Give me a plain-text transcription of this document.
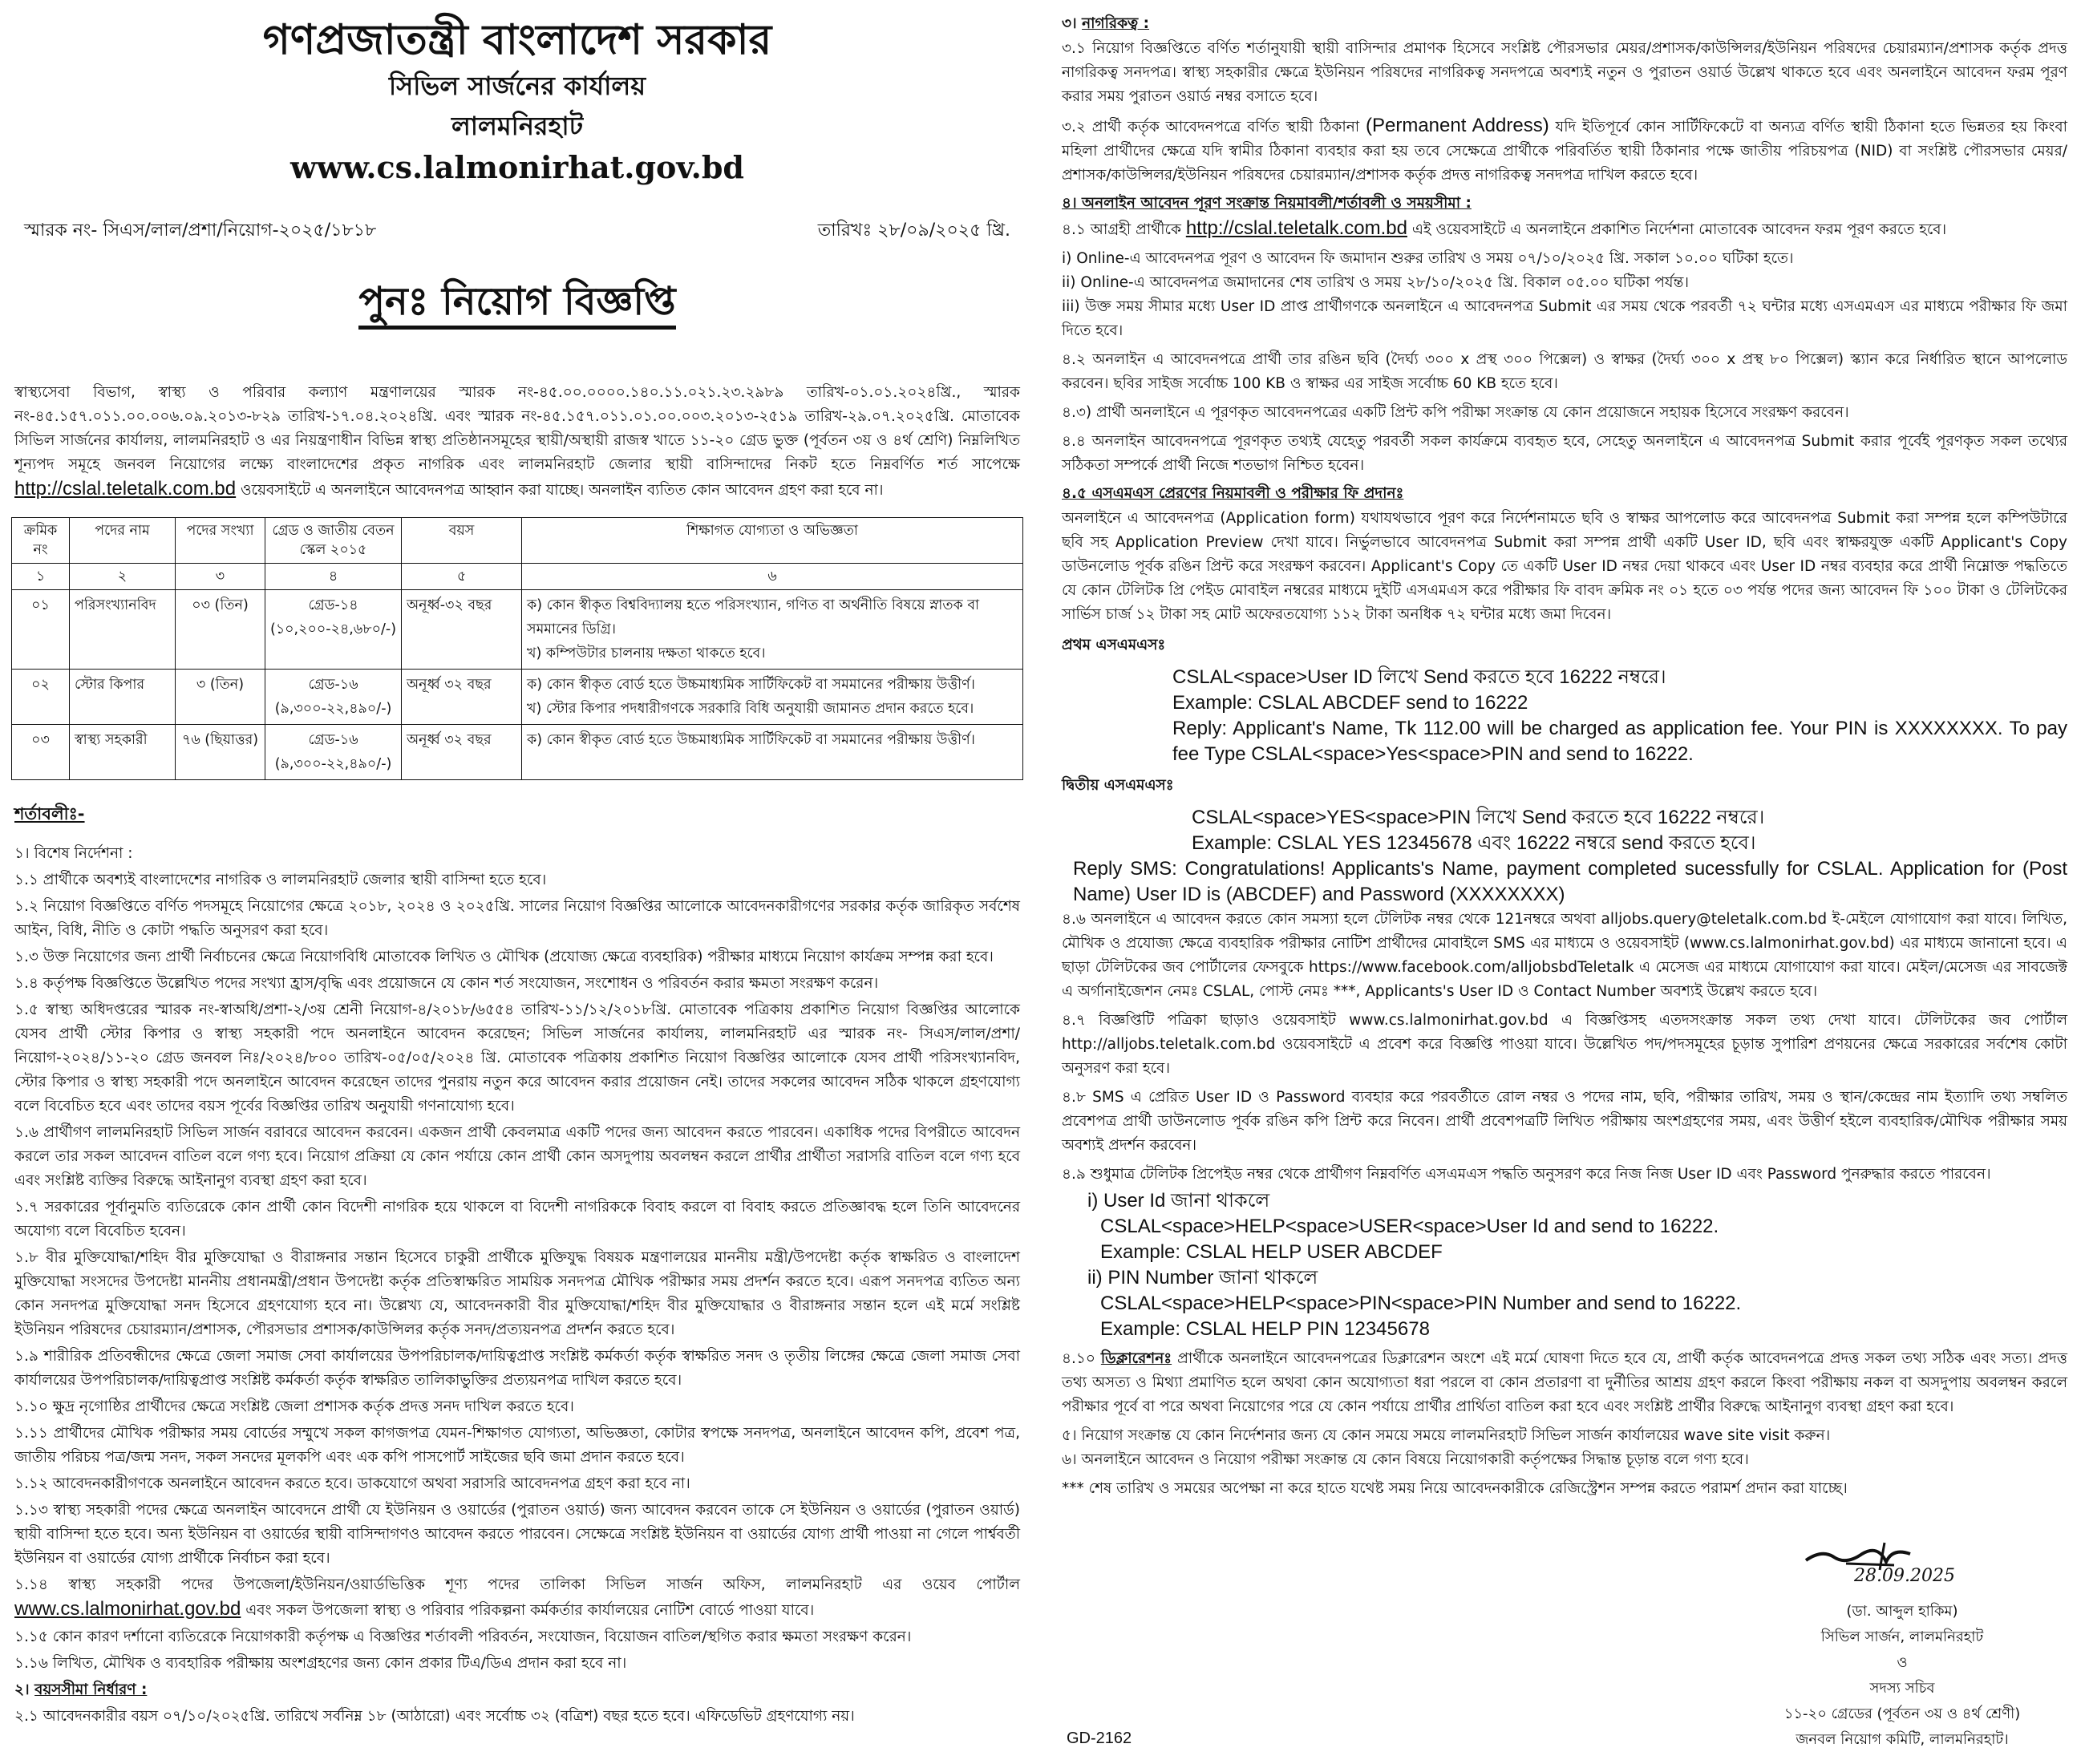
গণপ্রজাতন্ত্রী বাংলাদেশ সরকার
সিভিল সার্জনের কার্যালয়
লালমনিরহাট
www.cs.lalmonirhat.gov.bd
স্মারক নং- সিএস/লাল/প্রশা/নিয়োগ-২০২৫/১৮১৮	তারিখঃ ২৮/০৯/২০২৫ খ্রি.
পুনঃ নিয়োগ বিজ্ঞপ্তি
স্বাস্থ্যসেবা বিভাগ, স্বাস্থ্য ও পরিবার কল্যাণ মন্ত্রণালয়ের স্মারক নং-৪৫.০০.০০০০.১৪০.১১.০২১.২৩.২৯৮৯ তারিখ-০১.০১.২০২৪খ্রি., স্মারক নং-৪৫.১৫৭.০১১.০০.০০৬.০৯.২০১৩-৮২৯ তারিখ-১৭.০৪.২০২৪খ্রি. এবং স্মারক নং-৪৫.১৫৭.০১১.০১.০০.০০৩.২০১৩-২৫১৯ তারিখ-২৯.০৭.২০২৫খ্রি. মোতাবেক সিভিল সার্জনের কার্যালয়, লালমনিরহাট ও এর নিয়ন্ত্রণাধীন বিভিন্ন স্বাস্থ্য প্রতিষ্ঠানসমূহের স্থায়ী/অস্থায়ী রাজস্ব খাতে ১১-২০ গ্রেড ভুক্ত (পূর্বতন ৩য় ও ৪র্থ শ্রেণি) নিম্নলিখিত শূন্যপদ সমূহে জনবল নিয়োগের লক্ষ্যে বাংলাদেশের প্রকৃত নাগরিক এবং লালমনিরহাট জেলার স্থায়ী বাসিন্দাদের নিকট হতে নিম্নবর্ণিত শর্ত সাপেক্ষে http://cslal.teletalk.com.bd ওয়েবসাইটে এ অনলাইনে আবেদনপত্র আহ্বান করা যাচ্ছে। অনলাইন ব্যতিত কোন আবেদন গ্রহণ করা হবে না।
ক্রমিক নং	পদের নাম	পদের সংখ্যা	গ্রেড ও জাতীয় বেতন স্কেল ২০১৫	বয়স	শিক্ষাগত যোগ্যতা ও অভিজ্ঞতা
১	২	৩	৪	৫	৬
০১	পরিসংখ্যানবিদ	০৩ (তিন)	গ্রেড-১৪
(১০,২০০-২৪,৬৮০/-)	অনূর্ধ্ব-৩২ বছর	ক) কোন স্বীকৃত বিশ্ববিদ্যালয় হতে পরিসংখ্যান, গণিত বা অর্থনীতি বিষয়ে স্নাতক বা সমমানের ডিগ্রি।
খ) কম্পিউটার চালনায় দক্ষতা থাকতে হবে।

০২	স্টোর কিপার	৩ (তিন)	গ্রেড-১৬
(৯,৩০০-২২,৪৯০/-)	অনূর্ধ্ব ৩২ বছর	ক) কোন স্বীকৃত বোর্ড হতে উচ্চমাধ্যমিক সার্টিফিকেট বা সমমানের পরীক্ষায় উত্তীর্ণ।
খ) স্টোর কিপার পদধারীগণকে সরকারি বিধি অনুযায়ী জামানত প্রদান করতে হবে।

০৩	স্বাস্থ্য সহকারী	৭৬ (ছিয়াত্তর)	গ্রেড-১৬
(৯,৩০০-২২,৪৯০/-)	অনূর্ধ্ব ৩২ বছর	ক) কোন স্বীকৃত বোর্ড হতে উচ্চমাধ্যমিক সার্টিফিকেট বা সমমানের পরীক্ষায় উত্তীর্ণ।
শর্তাবলীঃ-
১। বিশেষ নির্দেশনা :
১.১ প্রার্থীকে অবশ্যই বাংলাদেশের নাগরিক ও লালমনিরহাট জেলার স্থায়ী বাসিন্দা হতে হবে।
১.২ নিয়োগ বিজ্ঞপ্তিতে বর্ণিত পদসমূহে নিয়োগের ক্ষেত্রে ২০১৮, ২০২৪ ও ২০২৫খ্রি. সালের নিয়োগ বিজ্ঞপ্তির আলোকে আবেদনকারীগণের সরকার কর্তৃক জারিকৃত সর্বশেষ আইন, বিধি, নীতি ও কোটা পদ্ধতি অনুসরণ করা হবে।
১.৩ উক্ত নিয়োগের জন্য প্রার্থী নির্বাচনের ক্ষেত্রে নিয়োগবিধি মোতাবেক লিখিত ও মৌখিক (প্রযোজ্য ক্ষেত্রে ব্যবহারিক) পরীক্ষার মাধ্যমে নিয়োগ কার্যক্রম সম্পন্ন করা হবে।
১.৪ কর্তৃপক্ষ বিজ্ঞপ্তিতে উল্লেখিত পদের সংখ্যা হ্রাস/বৃদ্ধি এবং প্রয়োজনে যে কোন শর্ত সংযোজন, সংশোধন ও পরিবর্তন করার ক্ষমতা সংরক্ষণ করেন।
১.৫ স্বাস্থ্য অধিদপ্তরের স্মারক নং-স্বাঅধি/প্রশা-২/৩য় শ্রেনী নিয়োগ-৪/২০১৮/৬৫৫৪ তারিখ-১১/১২/২০১৮খ্রি. মোতাবেক পত্রিকায় প্রকাশিত নিয়োগ বিজ্ঞপ্তির আলোকে যেসব প্রার্থী স্টোর কিপার ও স্বাস্থ্য সহকারী পদে অনলাইনে আবেদন করেছেন; সিভিল সার্জনের কার্যালয়, লালমনিরহাট এর স্মারক নং- সিএস/লাল/প্রশা/নিয়োগ-২০২৪/১১-২০ গ্রেড জনবল নিঃ/২০২৪/৮০০ তারিখ-০৫/০৫/২০২৪ খ্রি. মোতাবেক পত্রিকায় প্রকাশিত নিয়োগ বিজ্ঞপ্তির আলোকে যেসব প্রার্থী পরিসংখ্যানবিদ, স্টোর কিপার ও স্বাস্থ্য সহকারী পদে অনলাইনে আবেদন করেছেন তাদের পুনরায় নতুন করে আবেদন করার প্রয়োজন নেই। তাদের সকলের আবেদন সঠিক থাকলে গ্রহণযোগ্য বলে বিবেচিত হবে এবং তাদের বয়স পূর্বের বিজ্ঞপ্তির তারিখ অনুযায়ী গণনাযোগ্য হবে।
১.৬ প্রার্থীগণ লালমনিরহাট সিভিল সার্জন বরাবরে আবেদন করবেন। একজন প্রার্থী কেবলমাত্র একটি পদের জন্য আবেদন করতে পারবেন। একাধিক পদের বিপরীতে আবেদন করলে তার সকল আবেদন বাতিল বলে গণ্য হবে। নিয়োগ প্রক্রিয়া যে কোন পর্যায়ে কোন প্রার্থী কোন অসদুপায় অবলম্বন করলে প্রার্থীর প্রার্থীতা সরাসরি বাতিল বলে গণ্য হবে এবং সংশ্লিষ্ট ব্যক্তির বিরুদ্ধে আইনানুগ ব্যবস্থা গ্রহণ করা হবে।
১.৭ সরকারের পূর্বানুমতি ব্যতিরেকে কোন প্রার্থী কোন বিদেশী নাগরিক হয়ে থাকলে বা বিদেশী নাগরিককে বিবাহ করলে বা বিবাহ করতে প্রতিজ্ঞাবদ্ধ হলে তিনি আবেদনের অযোগ্য বলে বিবেচিত হবেন।
১.৮ বীর মুক্তিযোদ্ধা/শহিদ বীর মুক্তিযোদ্ধা ও বীরাঙ্গনার সন্তান হিসেবে চাকুরী প্রার্থীকে মুক্তিযুদ্ধ বিষয়ক মন্ত্রণালয়ের মাননীয় মন্ত্রী/উপদেষ্টা কর্তৃক স্বাক্ষরিত ও বাংলাদেশ মুক্তিযোদ্ধা সংসদের উপদেষ্টা মাননীয় প্রধানমন্ত্রী/প্রধান উপদেষ্টা কর্তৃক প্রতিস্বাক্ষরিত সাময়িক সনদপত্র মৌখিক পরীক্ষার সময় প্রদর্শন করতে হবে। এরূপ সনদপত্র ব্যতিত অন্য কোন সনদপত্র মুক্তিযোদ্ধা সনদ হিসেবে গ্রহণযোগ্য হবে না। উল্লেখ্য যে, আবেদনকারী বীর মুক্তিযোদ্ধা/শহিদ বীর মুক্তিযোদ্ধার ও বীরাঙ্গনার সন্তান হলে এই মর্মে সংশ্লিষ্ট ইউনিয়ন পরিষদের চেয়ারম্যান/প্রশাসক, পৌরসভার প্রশাসক/কাউন্সিলর কর্তৃক সনদ/প্রত্যয়নপত্র প্রদর্শন করতে হবে।
১.৯ শারীরিক প্রতিবন্ধীদের ক্ষেত্রে জেলা সমাজ সেবা কার্যালয়ের উপপরিচালক/দায়িত্বপ্রাপ্ত সংশ্লিষ্ট কর্মকর্তা কর্তৃক স্বাক্ষরিত সনদ ও তৃতীয় লিঙ্গের ক্ষেত্রে জেলা সমাজ সেবা কার্যালয়ের উপপরিচালক/দায়িত্বপ্রাপ্ত সংশ্লিষ্ট কর্মকর্তা কর্তৃক স্বাক্ষরিত তালিকাভুক্তির প্রত্যয়নপত্র দাখিল করতে হবে।
১.১০ ক্ষুদ্র নৃগোষ্ঠির প্রার্থীদের ক্ষেত্রে সংশ্লিষ্ট জেলা প্রশাসক কর্তৃক প্রদত্ত সনদ দাখিল করতে হবে।
১.১১ প্রার্থীদের মৌখিক পরীক্ষার সময় বোর্ডের সম্মুখে সকল কাগজপত্র যেমন-শিক্ষাগত যোগ্যতা, অভিজ্ঞতা, কোটার স্বপক্ষে সনদপত্র, অনলাইনে আবেদন কপি, প্রবেশ পত্র, জাতীয় পরিচয় পত্র/জন্ম সনদ, সকল সনদের মূলকপি এবং এক কপি পাসপোর্ট সাইজের ছবি জমা প্রদান করতে হবে।
১.১২ আবেদনকারীগণকে অনলাইনে আবেদন করতে হবে। ডাকযোগে অথবা সরাসরি আবেদনপত্র গ্রহণ করা হবে না।
১.১৩ স্বাস্থ্য সহকারী পদের ক্ষেত্রে অনলাইন আবেদনে প্রার্থী যে ইউনিয়ন ও ওয়ার্ডের (পুরাতন ওয়ার্ড) জন্য আবেদন করবেন তাকে সে ইউনিয়ন ও ওয়ার্ডের (পুরাতন ওয়ার্ড) স্থায়ী বাসিন্দা হতে হবে। অন্য ইউনিয়ন বা ওয়ার্ডের স্থায়ী বাসিন্দাগণও আবেদন করতে পারবেন। সেক্ষেত্রে সংশ্লিষ্ট ইউনিয়ন বা ওয়ার্ডের যোগ্য প্রার্থী পাওয়া না গেলে পার্শ্ববর্তী ইউনিয়ন বা ওয়ার্ডের যোগ্য প্রার্থীকে নির্বাচন করা হবে।
১.১৪ স্বাস্থ্য সহকারী পদের উপজেলা/ইউনিয়ন/ওয়ার্ডভিত্তিক শূণ্য পদের তালিকা সিভিল সার্জন অফিস, লালমনিরহাট এর ওয়েব পোর্টাল www.cs.lalmonirhat.gov.bd এবং সকল উপজেলা স্বাস্থ্য ও পরিবার পরিকল্পনা কর্মকর্তার কার্যালয়ের নোটিশ বোর্ডে পাওয়া যাবে।
১.১৫ কোন কারণ দর্শানো ব্যতিরেকে নিয়োগকারী কর্তৃপক্ষ এ বিজ্ঞপ্তির শর্তাবলী পরিবর্তন, সংযোজন, বিয়োজন বাতিল/স্থগিত করার ক্ষমতা সংরক্ষণ করেন।
১.১৬ লিখিত, মৌখিক ও ব্যবহারিক পরীক্ষায় অংশগ্রহণের জন্য কোন প্রকার টিএ/ডিএ প্রদান করা হবে না।
২। বয়সসীমা নির্ধারণ :
২.১ আবেদনকারীর বয়স ০৭/১০/২০২৫খ্রি. তারিখে সর্বনিম্ন ১৮ (আঠারো) এবং সর্বোচ্চ ৩২ (বত্রিশ) বছর হতে হবে। এফিডেভিট গ্রহণযোগ্য নয়।
৩। নাগরিকত্ব :
৩.১ নিয়োগ বিজ্ঞপ্তিতে বর্ণিত শর্তানুযায়ী স্থায়ী বাসিন্দার প্রমাণক হিসেবে সংশ্লিষ্ট পৌরসভার মেয়র/প্রশাসক/কাউন্সিলর/ইউনিয়ন পরিষদের চেয়ারম্যান/প্রশাসক কর্তৃক প্রদত্ত নাগরিকত্ব সনদপত্র। স্বাস্থ্য সহকারীর ক্ষেত্রে ইউনিয়ন পরিষদের নাগরিকত্ব সনদপত্রে অবশ্যই নতুন ও পুরাতন ওয়ার্ড উল্লেখ থাকতে হবে এবং অনলাইনে আবেদন ফরম পূরণ করার সময় পুরাতন ওয়ার্ড নম্বর বসাতে হবে।
৩.২ প্রার্থী কর্তৃক আবেদনপত্রে বর্ণিত স্থায়ী ঠিকানা (Permanent Address) যদি ইতিপূর্বে কোন সার্টিফিকেটে বা অন্যত্র বর্ণিত স্থায়ী ঠিকানা হতে ভিন্নতর হয় কিংবা মহিলা প্রার্থীদের ক্ষেত্রে যদি স্বামীর ঠিকানা ব্যবহার করা হয় তবে সেক্ষেত্রে প্রার্থীকে পরিবর্তিত স্থায়ী ঠিকানার পক্ষে জাতীয় পরিচয়পত্র (NID) বা সংশ্লিষ্ট পৌরসভার মেয়র/প্রশাসক/কাউন্সিলর/ইউনিয়ন পরিষদের চেয়ারম্যান/প্রশাসক কর্তৃক প্রদত্ত নাগরিকত্ব সনদপত্র দাখিল করতে হবে।
৪। অনলাইন আবেদন পূরণ সংক্রান্ত নিয়মাবলী/শর্তাবলী ও সময়সীমা :
৪.১ আগ্রহী প্রার্থীকে http://cslal.teletalk.com.bd এই ওয়েবসাইটে এ অনলাইনে প্রকাশিত নির্দেশনা মোতাবেক আবেদন ফরম পূরণ করতে হবে।
i) Online-এ আবেদনপত্র পূরণ ও আবেদন ফি জমাদান শুরুর তারিখ ও সময় ০৭/১০/২০২৫ খ্রি. সকাল ১০.০০ ঘটিকা হতে।
ii) Online-এ আবেদনপত্র জমাদানের শেষ তারিখ ও সময় ২৮/১০/২০২৫ খ্রি. বিকাল ০৫.০০ ঘটিকা পর্যন্ত।
iii) উক্ত সময় সীমার মধ্যে User ID প্রাপ্ত প্রার্থীগণকে অনলাইনে এ আবেদনপত্র Submit এর সময় থেকে পরবর্তী ৭২ ঘন্টার মধ্যে এসএমএস এর মাধ্যমে পরীক্ষার ফি জমা দিতে হবে।
৪.২ অনলাইন এ আবেদনপত্রে প্রার্থী তার রঙিন ছবি (দৈর্ঘ্য ৩০০ x প্রস্থ ৩০০ পিক্সেল) ও স্বাক্ষর (দৈর্ঘ্য ৩০০ x প্রস্থ ৮০ পিক্সেল) স্ক্যান করে নির্ধারিত স্থানে আপলোড করবেন। ছবির সাইজ সর্বোচ্চ 100 KB ও স্বাক্ষর এর সাইজ সর্বোচ্চ 60 KB হতে হবে।
৪.৩) প্রার্থী অনলাইনে এ পূরণকৃত আবেদনপত্রের একটি প্রিন্ট কপি পরীক্ষা সংক্রান্ত যে কোন প্রয়োজনে সহায়ক হিসেবে সংরক্ষণ করবেন।
৪.৪ অনলাইন আবেদনপত্রে পূরণকৃত তথ্যই যেহেতু পরবর্তী সকল কার্যক্রমে ব্যবহৃত হবে, সেহেতু অনলাইনে এ আবেদনপত্র Submit করার পূর্বেই পূরণকৃত সকল তথ্যের সঠিকতা সম্পর্কে প্রার্থী নিজে শতভাগ নিশ্চিত হবেন।
৪.৫ এসএমএস প্রেরণের নিয়মাবলী ও পরীক্ষার ফি প্রদানঃ
অনলাইনে এ আবেদনপত্র (Application form) যথাযথভাবে পূরণ করে নির্দেশনামতে ছবি ও স্বাক্ষর আপলোড করে আবেদনপত্র Submit করা সম্পন্ন হলে কম্পিউটারে ছবি সহ Application Preview দেখা যাবে। নির্ভুলভাবে আবেদনপত্র Submit করা সম্পন্ন প্রার্থী একটি User ID, ছবি এবং স্বাক্ষরযুক্ত একটি Applicant's Copy ডাউনলোড পূর্বক রঙিন প্রিন্ট করে সংরক্ষণ করবেন। Applicant's Copy তে একটি User ID নম্বর দেয়া থাকবে এবং User ID নম্বর ব্যবহার করে প্রার্থী নিম্নোক্ত পদ্ধতিতে যে কোন টেলিটক প্রি পেইড মোবাইল নম্বরের মাধ্যমে দুইটি এসএমএস করে পরীক্ষার ফি বাবদ ক্রমিক নং ০১ হতে ০৩ পর্যন্ত পদের জন্য আবেদন ফি ১০০ টাকা ও টেলিটকের সার্ভিস চার্জ ১২ টাকা সহ মোট অফেরতযোগ্য ১১২ টাকা অনধিক ৭২ ঘন্টার মধ্যে জমা দিবেন।
প্রথম এসএমএসঃ
CSLAL<space>User ID লিখে Send করতে হবে 16222 নম্বরে।
Example: CSLAL ABCDEF send to 16222
Reply: Applicant's Name, Tk 112.00 will be charged as application fee. Your PIN is XXXXXXXX. To pay fee Type CSLAL<space>Yes<space>PIN and send to 16222.
দ্বিতীয় এসএমএসঃ
CSLAL<space>YES<space>PIN লিখে Send করতে হবে 16222 নম্বরে।
Example: CSLAL YES 12345678 এবং 16222 নম্বরে send করতে হবে।
Reply SMS: Congratulations! Applicants's Name, payment completed sucessfully for CSLAL. Application for (Post Name) User ID is (ABCDEF) and Password (XXXXXXXX)
৪.৬ অনলাইনে এ আবেদন করতে কোন সমস্যা হলে টেলিটক নম্বর থেকে 121নম্বরে অথবা alljobs.query@teletalk.com.bd ই-মেইলে যোগাযোগ করা যাবে। লিখিত, মৌখিক ও প্রযোজ্য ক্ষেত্রে ব্যবহারিক পরীক্ষার নোটিশ প্রার্থীদের মোবাইলে SMS এর মাধ্যমে ও ওয়েবসাইট (www.cs.lalmonirhat.gov.bd) এর মাধ্যমে জানানো হবে। এ ছাড়া টেলিটকের জব পোর্টালের ফেসবুকে https://www.facebook.com/alljobsbdTeletalk এ মেসেজ এর মাধ্যমে যোগাযোগ করা যাবে। মেইল/মেসেজ এর সাবজেক্ট এ অর্গানাইজেশন নেমঃ CSLAL, পোস্ট নেমঃ ***, Applicants's User ID ও Contact Number অবশ্যই উল্লেখ করতে হবে।
৪.৭ বিজ্ঞপ্তিটি পত্রিকা ছাড়াও ওয়েবসাইট www.cs.lalmonirhat.gov.bd এ বিজ্ঞপ্তিসহ এতদসংক্রান্ত সকল তথ্য দেখা যাবে। টেলিটকের জব পোর্টাল http://alljobs.teletalk.com.bd ওয়েবসাইটে এ প্রবেশ করে বিজ্ঞপ্তি পাওয়া যাবে। উল্লেখিত পদ/পদসমূহের চূড়ান্ত সুপারিশ প্রণয়নের ক্ষেত্রে সরকারের সর্বশেষ কোটা অনুসরণ করা হবে।
৪.৮ SMS এ প্রেরিত User ID ও Password ব্যবহার করে পরবর্তীতে রোল নম্বর ও পদের নাম, ছবি, পরীক্ষার তারিখ, সময় ও স্থান/কেন্দ্রের নাম ইত্যাদি তথ্য সম্বলিত প্রবেশপত্র প্রার্থী ডাউনলোড পূর্বক রঙিন কপি প্রিন্ট করে নিবেন। প্রার্থী প্রবেশপত্রটি লিখিত পরীক্ষায় অংশগ্রহণের সময়, এবং উত্তীর্ণ হইলে ব্যবহারিক/মৌখিক পরীক্ষার সময় অবশ্যই প্রদর্শন করবেন।
৪.৯ শুধুমাত্র টেলিটক প্রিপেইড নম্বর থেকে প্রার্থীগণ নিম্নবর্ণিত এসএমএস পদ্ধতি অনুসরণ করে নিজ নিজ User ID এবং Password পুনরুদ্ধার করতে পারবেন।
i) User Id জানা থাকলে
CSLAL<space>HELP<space>USER<space>User Id and send to 16222.
Example: CSLAL HELP USER ABCDEF
ii) PIN Number জানা থাকলে
CSLAL<space>HELP<space>PIN<space>PIN Number and send to 16222.
Example: CSLAL HELP PIN 12345678
৪.১০ ডিক্লারেশনঃ প্রার্থীকে অনলাইনে আবেদনপত্রের ডিক্লারেশন অংশে এই মর্মে ঘোষণা দিতে হবে যে, প্রার্থী কর্তৃক আবেদনপত্রে প্রদত্ত সকল তথ্য সঠিক এবং সত্য। প্রদত্ত তথ্য অসত্য ও মিথ্যা প্রমাণিত হলে অথবা কোন অযোগ্যতা ধরা পরলে বা কোন প্রতারণা বা দুর্নীতির আশ্রয় গ্রহণ করলে কিংবা পরীক্ষায় নকল বা অসদুপায় অবলম্বন করলে পরীক্ষার পূর্বে বা পরে অথবা নিয়োগের পরে যে কোন পর্যায়ে প্রার্থীর প্রার্থিতা বাতিল করা হবে এবং সংশ্লিষ্ট প্রার্থীর বিরুদ্ধে আইনানুগ ব্যবস্থা গ্রহণ করা হবে।
৫। নিয়োগ সংক্রান্ত যে কোন নির্দেশনার জন্য যে কোন সময়ে সময়ে লালমনিরহাট সিভিল সার্জন কার্যালয়ের wave site visit করুন।
৬। অনলাইনে আবেদন ও নিয়োগ পরীক্ষা সংক্রান্ত যে কোন বিষয়ে নিয়োগকারী কর্তৃপক্ষের সিদ্ধান্ত চূড়ান্ত বলে গণ্য হবে।
*** শেষ তারিখ ও সময়ের অপেক্ষা না করে হাতে যথেষ্ট সময় নিয়ে আবেদনকারীকে রেজিস্ট্রেশন সম্পন্ন করতে পরামর্শ প্রদান করা যাচ্ছে।
GD-2162
28.09.2025
(ডা. আব্দুল হাকিম)
সিভিল সার্জন, লালমনিরহাট
ও
সদস্য সচিব
১১-২০ গ্রেডের (পূর্বতন ৩য় ও ৪র্থ শ্রেণী)
জনবল নিয়োগ কমিটি, লালমনিরহাট।
